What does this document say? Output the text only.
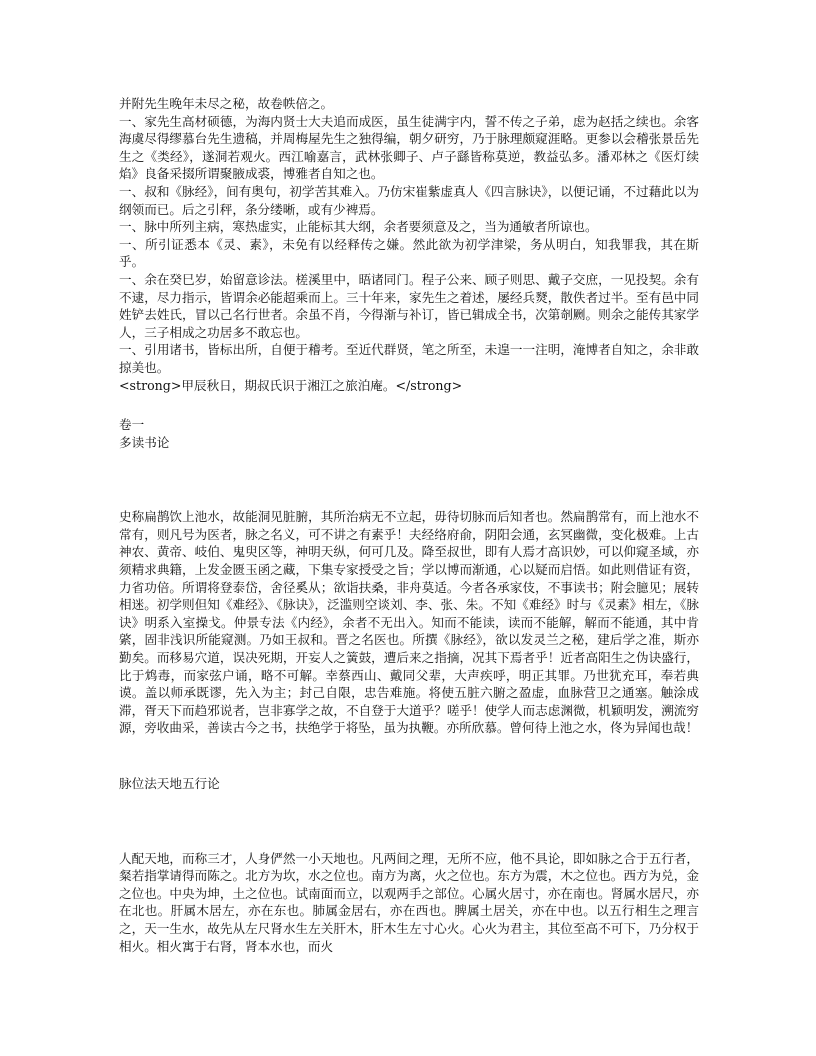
并附先生晚年未尽之秘，故卷帙倍之。

一、家先生高材硕德，为海内贤士大夫追而成医，虽生徒满宇内，誓不传之子弟，虑为赵括之续也。余客海虞尽得缪慕台先生遗稿，并周梅屋先生之独得编，朝夕研穷，乃于脉理颇窥涯略。更参以会稽张景岳先生之《类经》，遂洞若观火。西江喻嘉言，武林张卿子、卢子繇皆称莫逆，教益弘多。潘邓林之《医灯续焰》良备采掇所谓聚腋成裘，博雅者自知之也。

一、叔和《脉经》，间有奥句，初学苦其难入。乃仿宋崔紫虚真人《四言脉诀》，以便记诵，不过藉此以为纲领而已。后之引秤，条分缕晰，或有少裨焉。

一、脉中所列主病，寒热虚实，止能标其大纲，余者要须意及之，当为通敏者所谅也。

一、所引证悉本《灵、素》，未免有以经释传之嫌。然此欲为初学津梁，务从明白，知我罪我，其在斯乎。

一、余在癸巳岁，始留意诊法。槎溪里中，晤诸同门。程子公来、顾子则思、戴子交庶，一见投契。余有不逮，尽力指示，皆谓余必能超乘而上。三十年来，家先生之着述，屡经兵燹，散佚者过半。至有邑中同姓铲去姓氏，冒以己名行世者。余虽不肖，今得渐与补订，皆已辑成全书，次第剞劂。则余之能传其家学人，三子相成之功居多不敢忘也。

一、引用诸书，皆标出所，自便于稽考。至近代群贤，笔之所至，未遑一一注明，淹博者自知之，余非敢掠美也。

<strong>甲辰秋日，期叔氏识于湘江之旅泊庵。</strong>

卷一

多读书论

史称扁鹊饮上池水，故能洞见脏腑，其所治病无不立起，毋待切脉而后知者也。然扁鹊常有，而上池水不常有，则凡号为医者，脉之名义，可不讲之有素乎！夫经络府俞，阴阳会通，玄冥幽微，变化极难。上古神农、黄帝、岐伯、鬼臾区等，神明天纵，何可几及。降至叔世，即有人焉才高识妙，可以仰窥圣域，亦须精求典籍，上发金匮玉函之藏，下集专家授受之旨；学以博而渐通，心以疑而启悟。如此则借证有资，力省功倍。所谓将登泰岱，舍径奚从；欲诣扶桑，非舟莫适。今者各承家伎，不事读书；附会臆见；展转相迷。初学则但知《难经》、《脉诀》，泛滥则空谈刘、李、张、朱。不知《难经》时与《灵素》相左，《脉诀》明系入室操戈。仲景专法《内经》，余者不无出入。知而不能读，读而不能解，解而不能通，其中肯綮，固非浅识所能窥测。乃如王叔和。晋之名医也。所撰《脉经》，欲以发灵兰之秘，建后学之准，斯亦勤矣。而移易穴道，误决死期，开妄人之簧鼓，遭后来之指摘，况其下焉者乎！近者高阳生之伪诀盛行，比于鸩毒，而家弦户诵，略不可解。幸蔡西山、戴同父辈，大声疾呼，明正其罪。乃世犹充耳，奉若典谟。盖以师承既谬，先入为主；封己自限，忠告难施。将使五脏六腑之盈虚，血脉营卫之通塞。触涂成滞，胥天下而趋邪说者，岂非寡学之故，不自登于大道乎？嗟乎！使学人而志虑渊微，机颖明发，溯流穷源，旁收曲采，善读古今之书，扶绝学于将坠，虽为执鞭。亦所欣慕。曾何待上池之水，佟为异闻也哉！

脉位法天地五行论

人配天地，而称三才，人身俨然一小天地也。凡两间之理，无所不应，他不具论，即如脉之合于五行者，粲若指掌请得而陈之。北方为坎，水之位也。南方为离，火之位也。东方为震，木之位也。西方为兑，金之位也。中央为坤，土之位也。试南面而立，以观两手之部位。心属火居寸，亦在南也。肾属水居尺，亦在北也。肝属木居左，亦在东也。肺属金居右，亦在西也。脾属土居关，亦在中也。以五行相生之理言之，天一生水，故先从左尺肾水生左关肝木，肝木生左寸心火。心火为君主，其位至高不可下，乃分权于相火。相火寓于右肾，肾本水也，而火
